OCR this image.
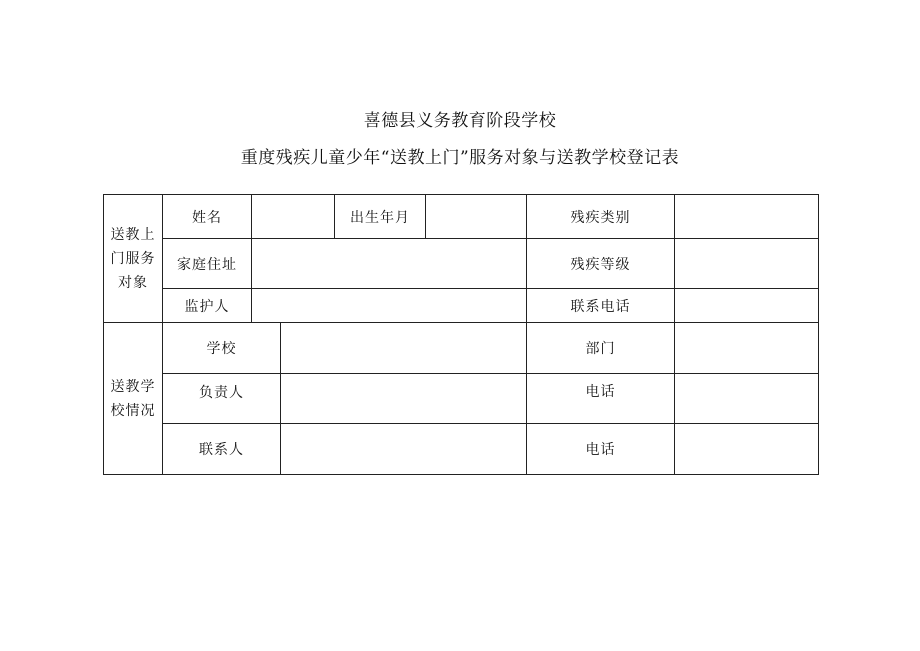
喜德县义务教育阶段学校
重度残疾儿童少年“送教上门”服务对象与送教学校登记表
送教上
门服务
对象
姓名	出生年月	残疾类别
家庭住址	残疾等级
监护人	联系电话
送教学
校情况
学校	部门
负责人	电话
联系人	电话
